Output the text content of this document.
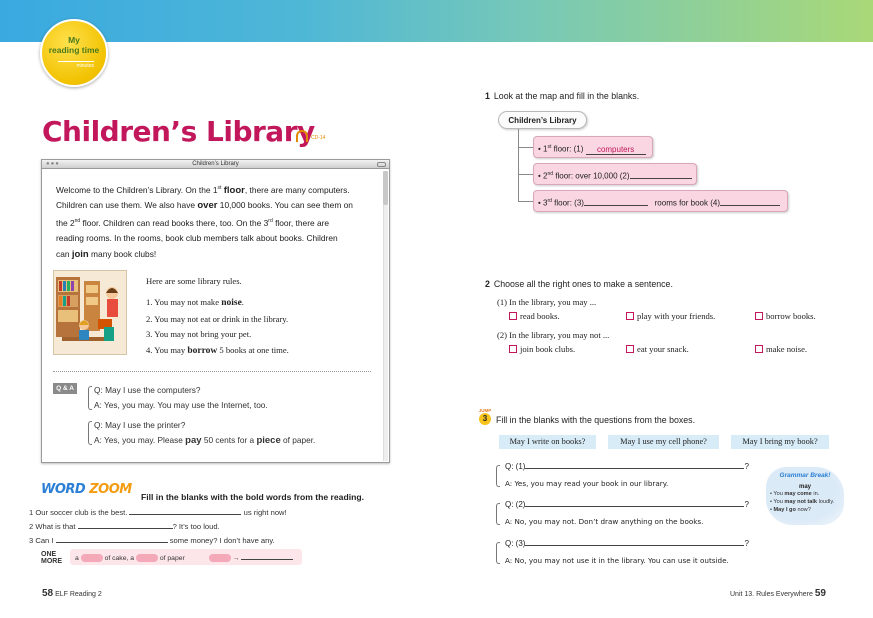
My
reading time
minutes
Children’s Library
CD-14
●●●	Children’s Library
Welcome to the Children’s Library. On the 1st floor, there are many computers.
Children can use them. We also have over 10,000 books. You can see them on
the 2nd floor. Children can read books there, too. On the 3rd floor, there are
reading rooms. In the rooms, book club members talk about books. Children
can join many book clubs!
Here are some library rules.
1. You may not make noise.
2. You may not eat or drink in the library.
3. You may not bring your pet.
4. You may borrow 5 books at one time.
Q & A	Q: May I use the computers?
A: Yes, you may. You may use the Internet, too.
Q: May I use the printer?
A: Yes, you may. Please pay 50 cents for a piece of paper.
WORD ZOOM Fill in the blanks with the bold words from the reading.
1 Our soccer club is the best.	us right now!
2 What is that	? It’s too loud.
3 Can I	some money? I don’t have any.
ONE
MORE a	of cake, a	of paper	→
58 ELF Reading 2
1 Look at the map and fill in the blanks.
Children’s Library
• 1st floor: (1) computers
• 2nd floor: over 10,000 (2)
• 3rd floor: (3)	rooms for book (4)
2 Choose all the right ones to make a sentence.
(1) In the library, you may ...
read books.	play with your friends.	borrow books.
(2) In the library, you may not ...
join book clubs.	eat your snack.	make noise.
JUMP
3 Fill in the blanks with the questions from the boxes.
May I write on books?	May I use my cell phone?	May I bring my book?
Q: (1)	?
A: Yes, you may read your book in our library.
Q: (2)	?
A: No, you may not. Don’t draw anything on the books.
Q: (3)	?
A: No, you may not use it in the library. You can use it outside.
Grammar Break!
may
• You may come in.
• You may not talk loudly.
• May I go now?
Unit 13. Rules Everywhere 59
